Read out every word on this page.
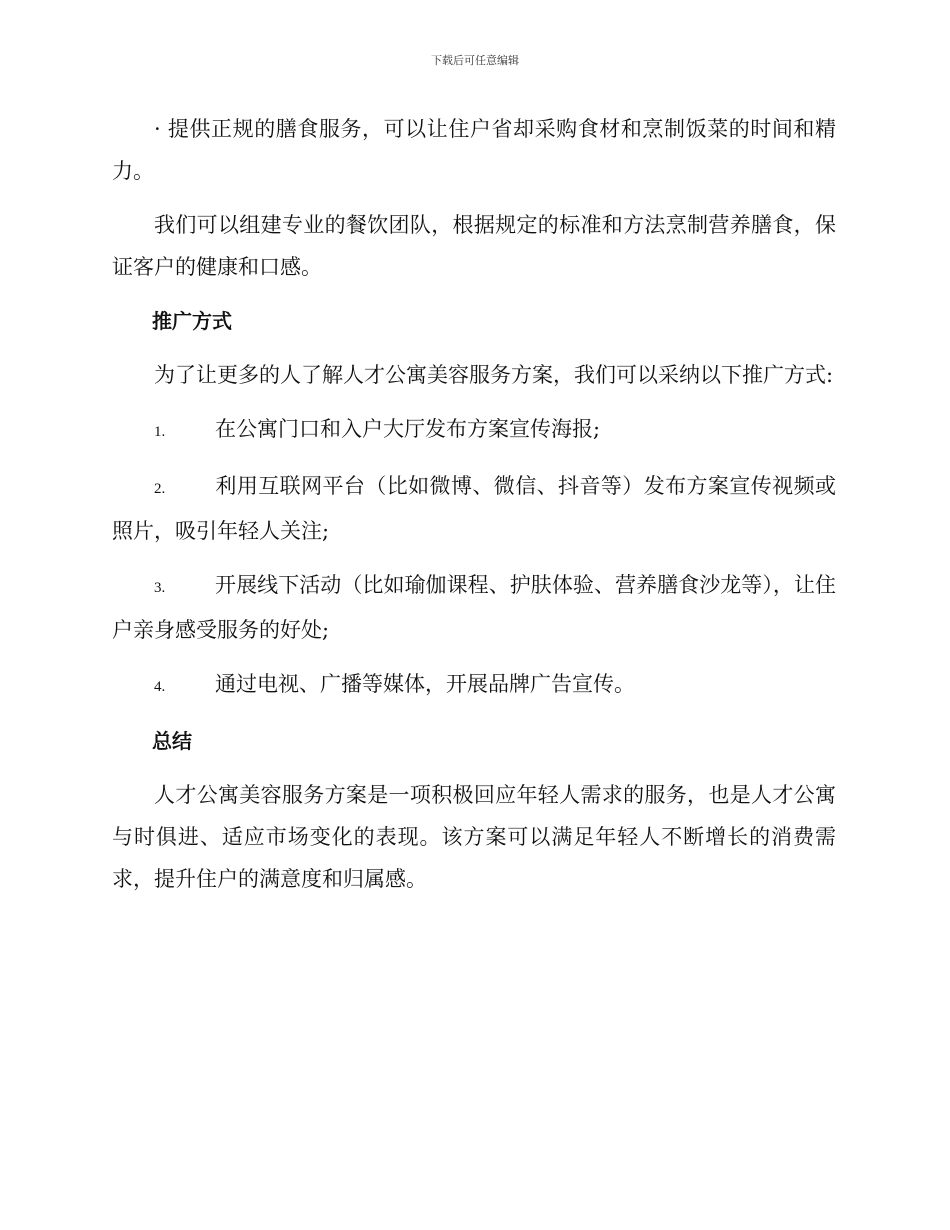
下载后可任意编辑

· 提供正规的膳食服务，可以让住户省却采购食材和烹制饭菜的时间和精力。

我们可以组建专业的餐饮团队，根据规定的标准和方法烹制营养膳食，保证客户的健康和口感。

推广方式

为了让更多的人了解人才公寓美容服务方案，我们可以采纳以下推广方式:

1. 在公寓门口和入户大厅发布方案宣传海报;

2. 利用互联网平台（比如微博、微信、抖音等）发布方案宣传视频或照片，吸引年轻人关注;

3. 开展线下活动（比如瑜伽课程、护肤体验、营养膳食沙龙等），让住户亲身感受服务的好处;

4. 通过电视、广播等媒体，开展品牌广告宣传。

总结

人才公寓美容服务方案是一项积极回应年轻人需求的服务，也是人才公寓与时俱进、适应市场变化的表现。该方案可以满足年轻人不断增长的消费需求，提升住户的满意度和归属感。
